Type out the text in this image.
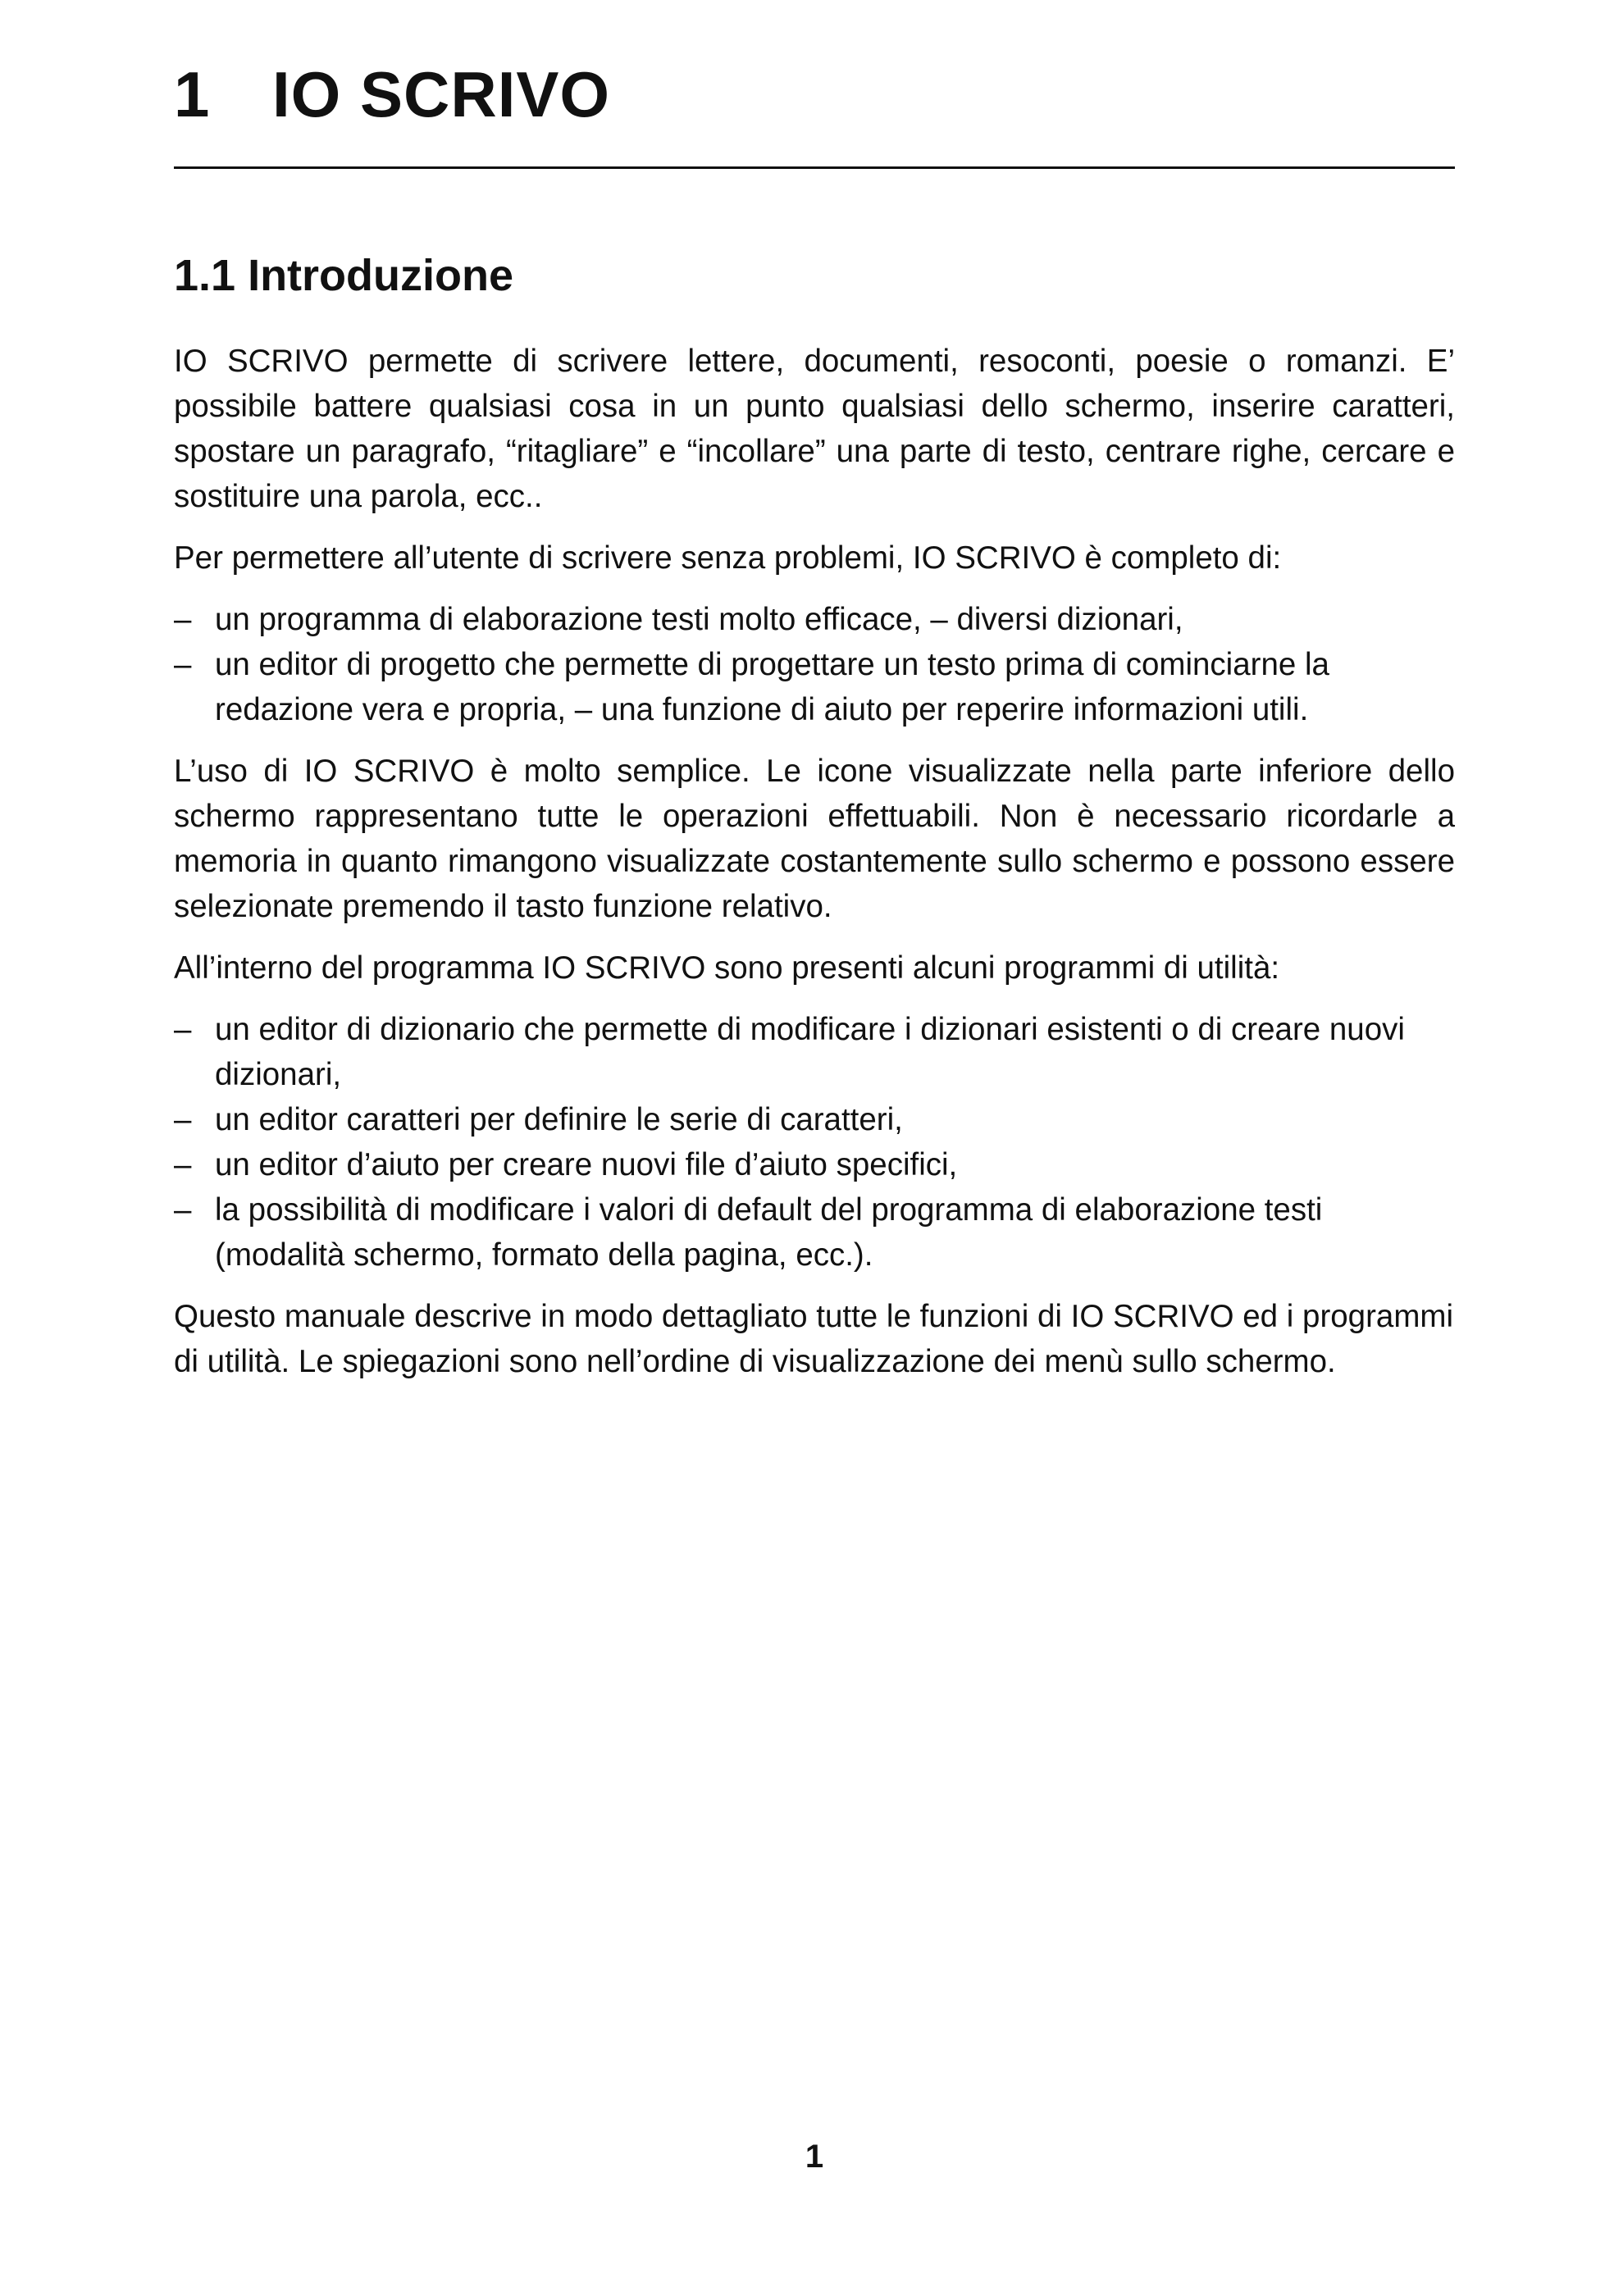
1 IO SCRIVO
1.1 Introduzione

IO SCRIVO permette di scrivere lettere, documenti, resoconti, poesie o romanzi. E’ possibile battere qualsiasi cosa in un punto qualsiasi dello schermo, inserire caratteri, spostare un paragrafo, “ritagliare” e “incollare” una parte di testo, centrare righe, cercare e sostituire una parola, ecc..

Per permettere all’utente di scrivere senza problemi, IO SCRIVO è completo di:

– un programma di elaborazione testi molto efficace, – diversi dizionari,
– un editor di progetto che permette di progettare un testo prima di cominciarne la redazione vera e propria, – una funzione di aiuto per reperire informazioni utili.

L’uso di IO SCRIVO è molto semplice. Le icone visualizzate nella parte inferiore dello schermo rappresentano tutte le operazioni effettuabili. Non è necessario ricordarle a memoria in quanto rimangono visualizzate costantemente sullo schermo e possono essere selezionate premendo il tasto funzione relativo.

All’interno del programma IO SCRIVO sono presenti alcuni programmi di utilità:

– un editor di dizionario che permette di modificare i dizionari esistenti o di creare nuovi dizionari,
– un editor caratteri per definire le serie di caratteri,
– un editor d’aiuto per creare nuovi file d’aiuto specifici,
– la possibilità di modificare i valori di default del programma di elaborazione testi (modalità schermo, formato della pagina, ecc.).

Questo manuale descrive in modo dettagliato tutte le funzioni di IO SCRIVO ed i programmi di utilità. Le spiegazioni sono nell’ordine di visualizzazione dei menù sullo schermo.

1
